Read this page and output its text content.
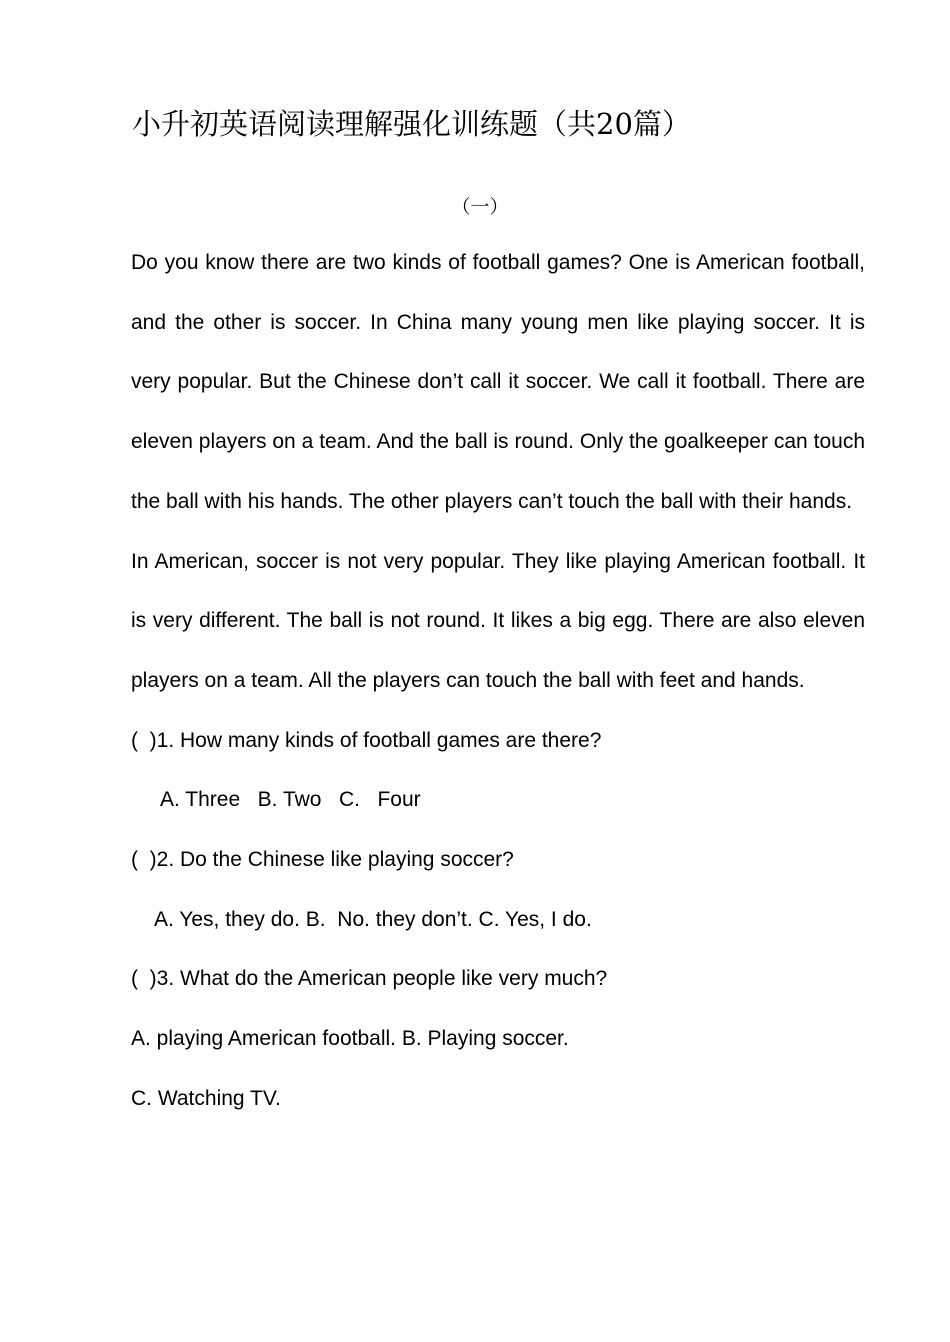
小升初英语阅读理解强化训练题（共20篇）
（一）

Do you know there are two kinds of football games? One is American football, and the other is soccer. In China many young men like playing soccer. It is very popular. But the Chinese don’t call it soccer. We call it football. There are eleven players on a team. And the ball is round. Only the goalkeeper can touch the ball with his hands. The other players can’t touch the ball with their hands.

In American, soccer is not very popular. They like playing American football. It is very different. The ball is not round. It likes a big egg. There are also eleven players on a team. All the players can touch the ball with feet and hands.

(  )1. How many kinds of football games are there?

A. Three   B. Two   C.   Four

(  )2. Do the Chinese like playing soccer?

A. Yes, they do. B.  No. they don’t. C. Yes, I do.

(  )3. What do the American people like very much?

A. playing American football. B. Playing soccer.

C. Watching TV.
